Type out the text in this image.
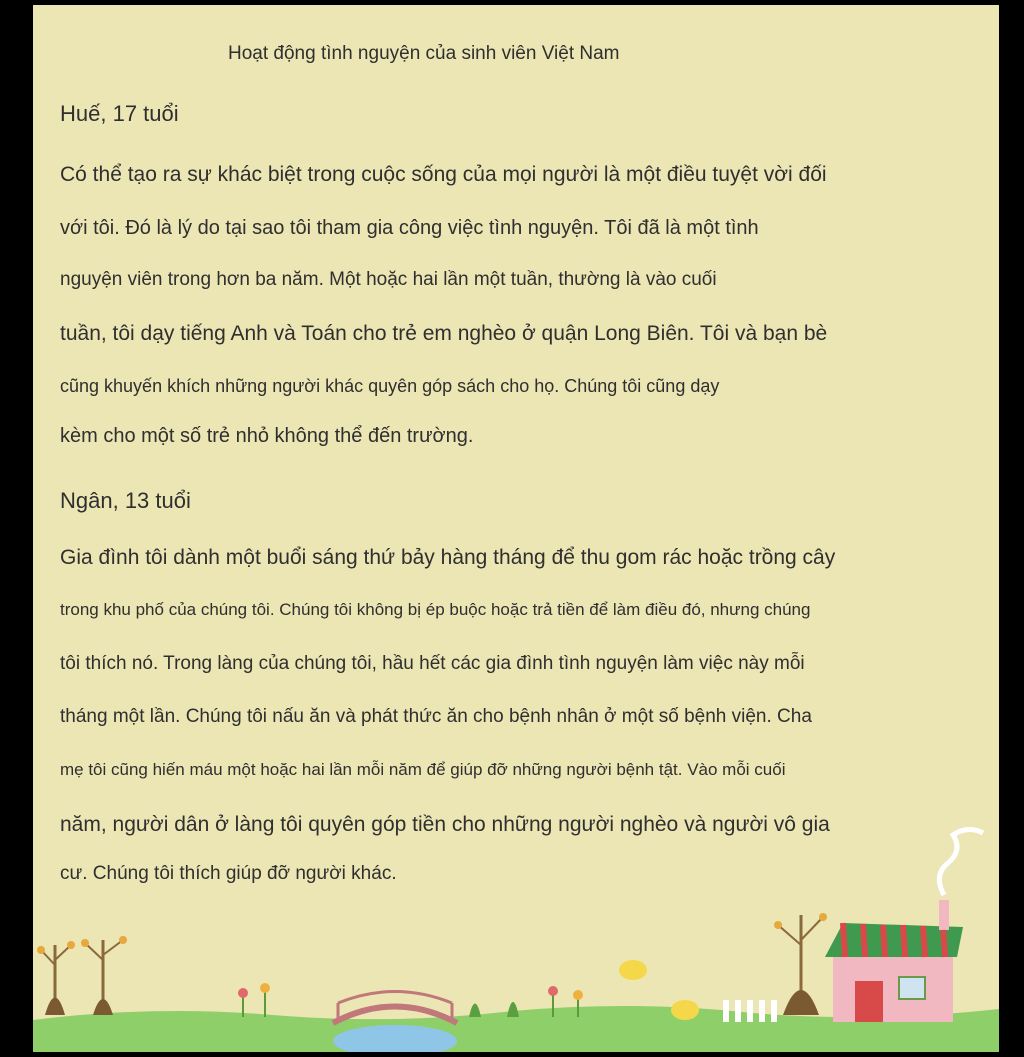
Hoạt động tình nguyện của sinh viên Việt Nam
Huế, 17 tuổi
Có thể tạo ra sự khác biệt trong cuộc sống của mọi người là một điều tuyệt vời đối
với tôi. Đó là lý do tại sao tôi tham gia công việc tình nguyện. Tôi đã là một tình
nguyện viên trong hơn ba năm. Một hoặc hai lần một tuần, thường là vào cuối
tuần, tôi dạy tiếng Anh và Toán cho trẻ em nghèo ở quận Long Biên. Tôi và bạn bè
cũng khuyến khích những người khác quyên góp sách cho họ. Chúng tôi cũng dạy
kèm cho một số trẻ nhỏ không thể đến trường.
Ngân, 13 tuổi
Gia đình tôi dành một buổi sáng thứ bảy hàng tháng để thu gom rác hoặc trồng cây
trong khu phố của chúng tôi. Chúng tôi không bị ép buộc hoặc trả tiền để làm điều đó, nhưng chúng
tôi thích nó. Trong làng của chúng tôi, hầu hết các gia đình tình nguyện làm việc này mỗi
tháng một lần. Chúng tôi nấu ăn và phát thức ăn cho bệnh nhân ở một số bệnh viện. Cha
mẹ tôi cũng hiến máu một hoặc hai lần mỗi năm để giúp đỡ những người bệnh tật. Vào mỗi cuối
năm, người dân ở làng tôi quyên góp tiền cho những người nghèo và người vô gia
cư. Chúng tôi thích giúp đỡ người khác.
